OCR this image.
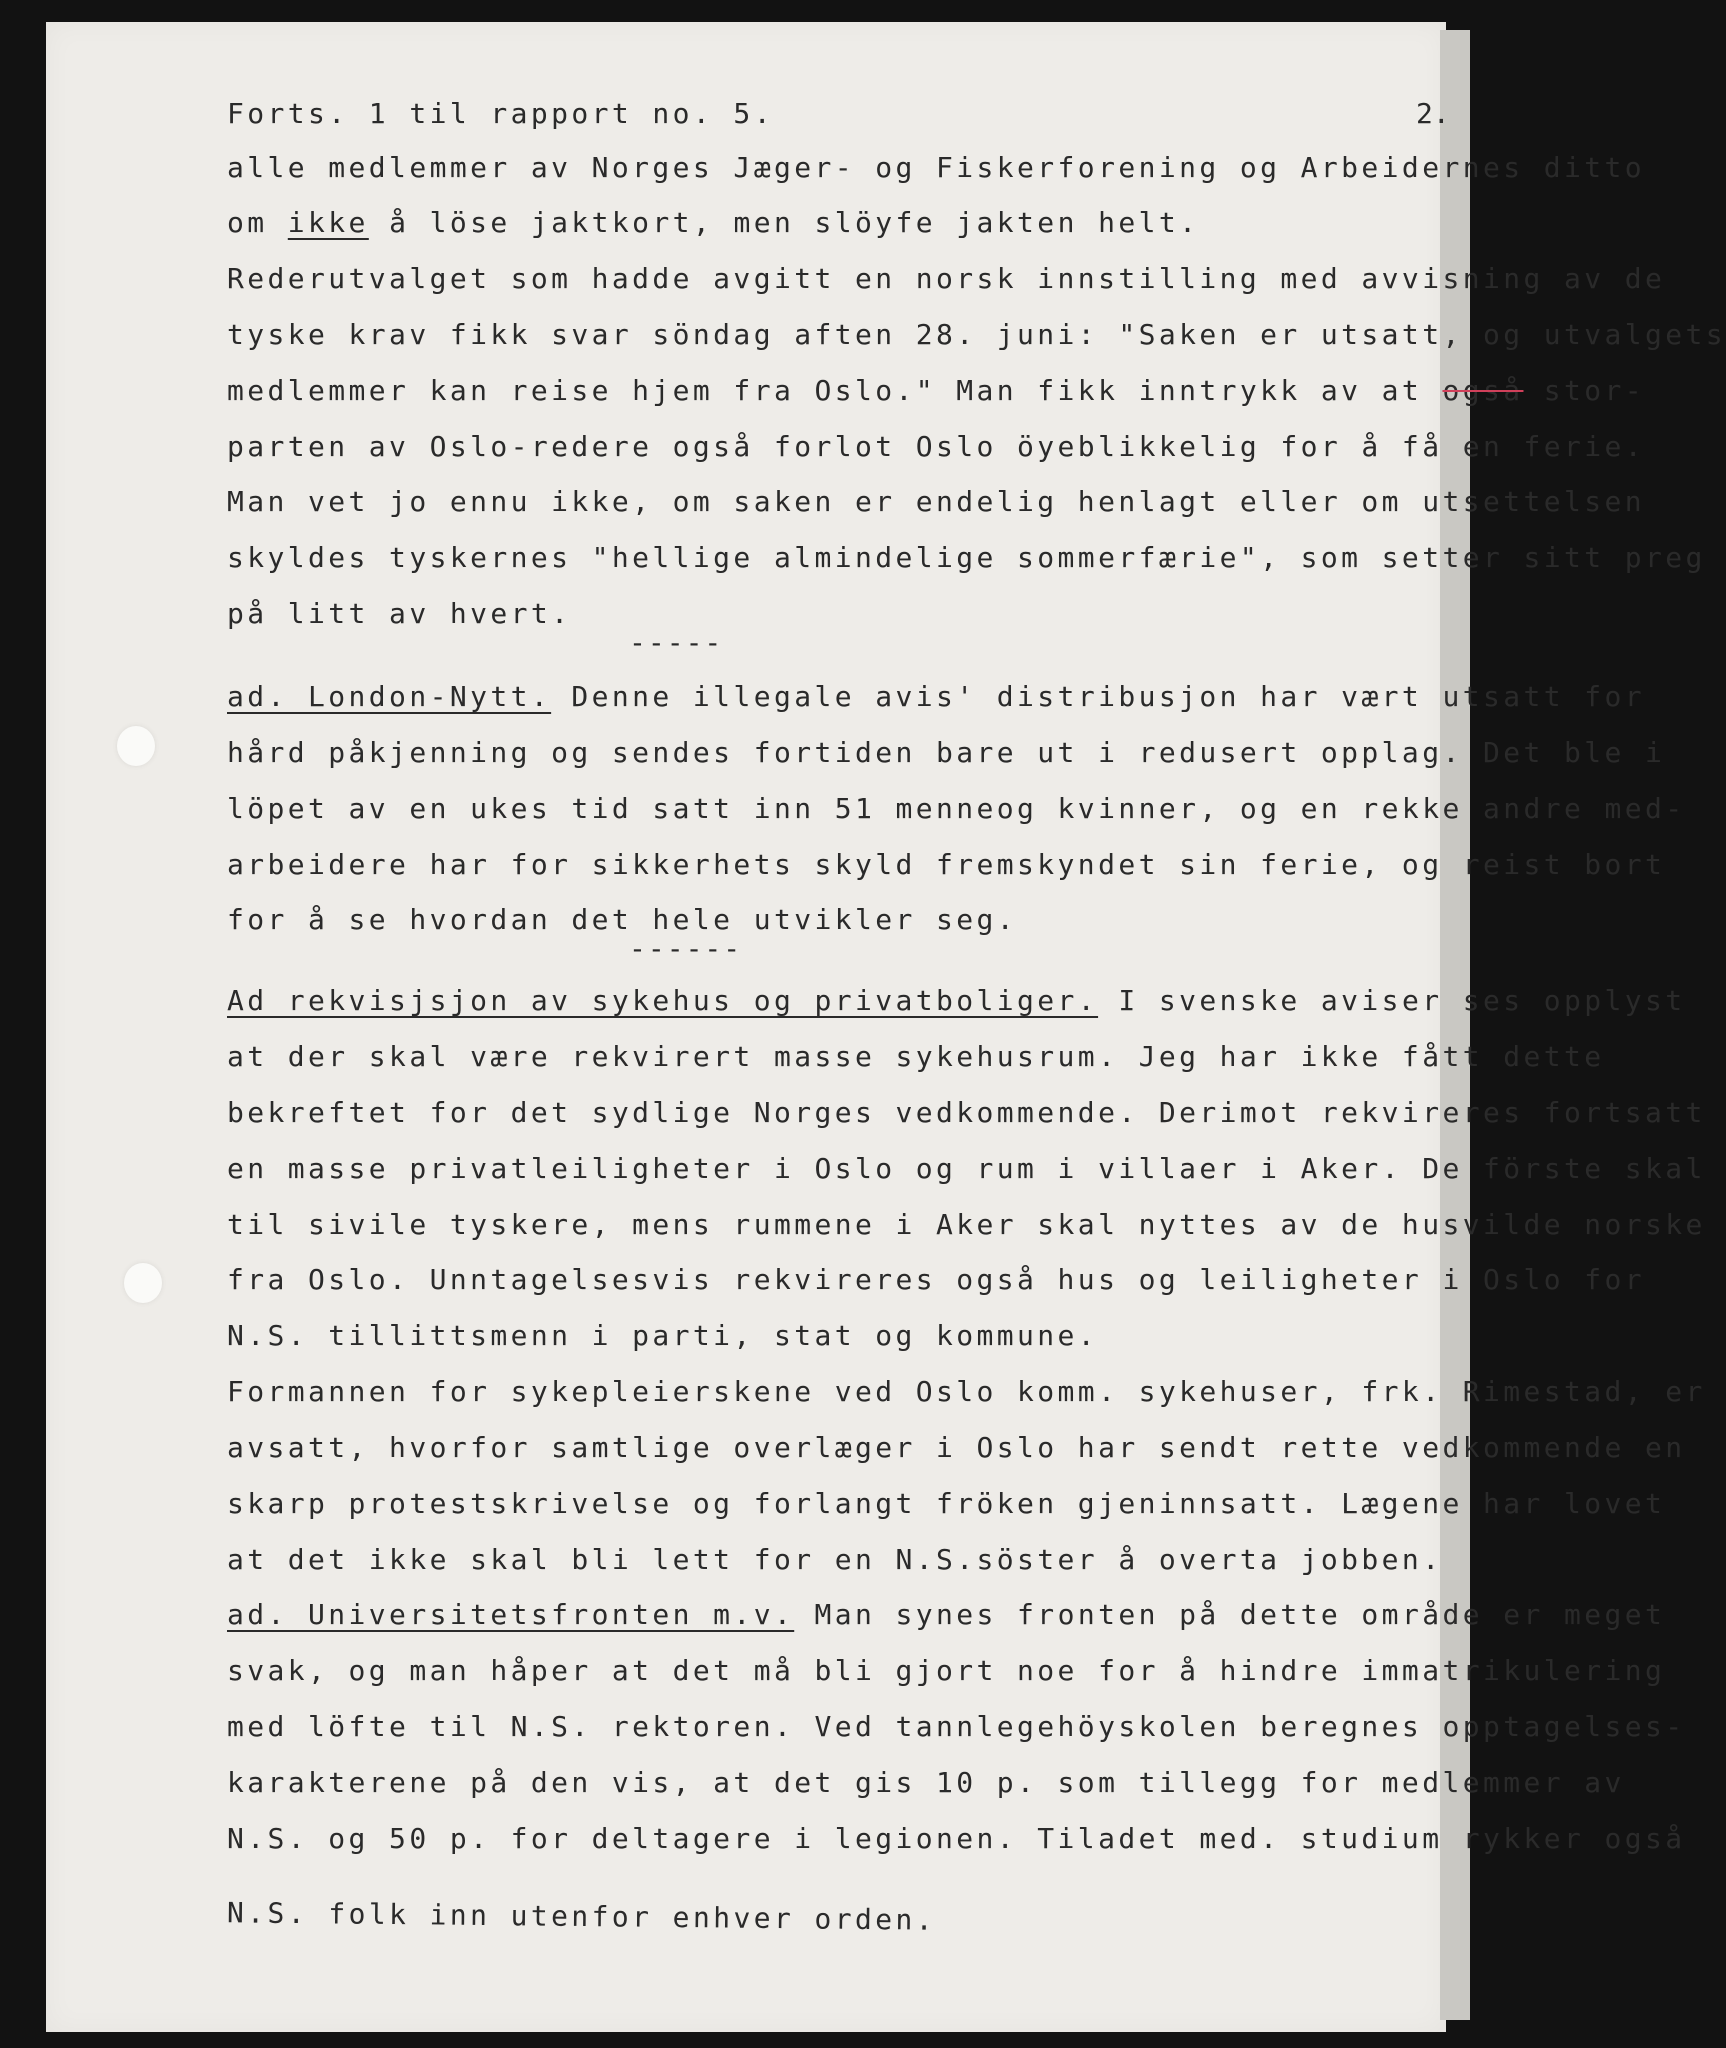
Forts. 1 til rapport no. 5.	2.
-----
------
alle medlemmer av Norges Jæger- og Fiskerforening og Arbeidernes ditto
om ikke å löse jaktkort, men slöyfe jakten helt.
Rederutvalget som hadde avgitt en norsk innstilling med avvisning av de
tyske krav fikk svar söndag aften 28. juni: "Saken er utsatt, og utvalgets
medlemmer kan reise hjem fra Oslo." Man fikk inntrykk av at også stor-
parten av Oslo-redere også forlot Oslo öyeblikkelig for å få en ferie.
Man vet jo ennu ikke, om saken er endelig henlagt eller om utsettelsen
skyldes tyskernes "hellige almindelige sommerfærie", som setter sitt preg
på litt av hvert.
ad. London-Nytt. Denne illegale avis' distribusjon har vært utsatt for
hård påkjenning og sendes fortiden bare ut i redusert opplag. Det ble i
löpet av en ukes tid satt inn 51 menneog kvinner, og en rekke andre med-
arbeidere har for sikkerhets skyld fremskyndet sin ferie, og reist bort
for å se hvordan det hele utvikler seg.
Ad rekvisjsjon av sykehus og privatboliger. I svenske aviser ses opplyst
at der skal være rekvirert masse sykehusrum. Jeg har ikke fått dette
bekreftet for det sydlige Norges vedkommende. Derimot rekvireres fortsatt
en masse privatleiligheter i Oslo og rum i villaer i Aker. De förste skal
til sivile tyskere, mens rummene i Aker skal nyttes av de husvilde norske
fra Oslo. Unntagelsesvis rekvireres også hus og leiligheter i Oslo for
N.S. tillittsmenn i parti, stat og kommune.
Formannen for sykepleierskene ved Oslo komm. sykehuser, frk. Rimestad, er
avsatt, hvorfor samtlige overlæger i Oslo har sendt rette vedkommende en
skarp protestskrivelse og forlangt fröken gjeninnsatt. Lægene har lovet
at det ikke skal bli lett for en N.S.söster å overta jobben.
ad. Universitetsfronten m.v. Man synes fronten på dette område er meget
svak, og man håper at det må bli gjort noe for å hindre immatrikulering
med löfte til N.S. rektoren. Ved tannlegehöyskolen beregnes opptagelses-
karakterene på den vis, at det gis 10 p. som tillegg for medlemmer av
N.S. og 50 p. for deltagere i legionen. Tiladet med. studium rykker også
N.S. folk inn utenfor enhver orden.
